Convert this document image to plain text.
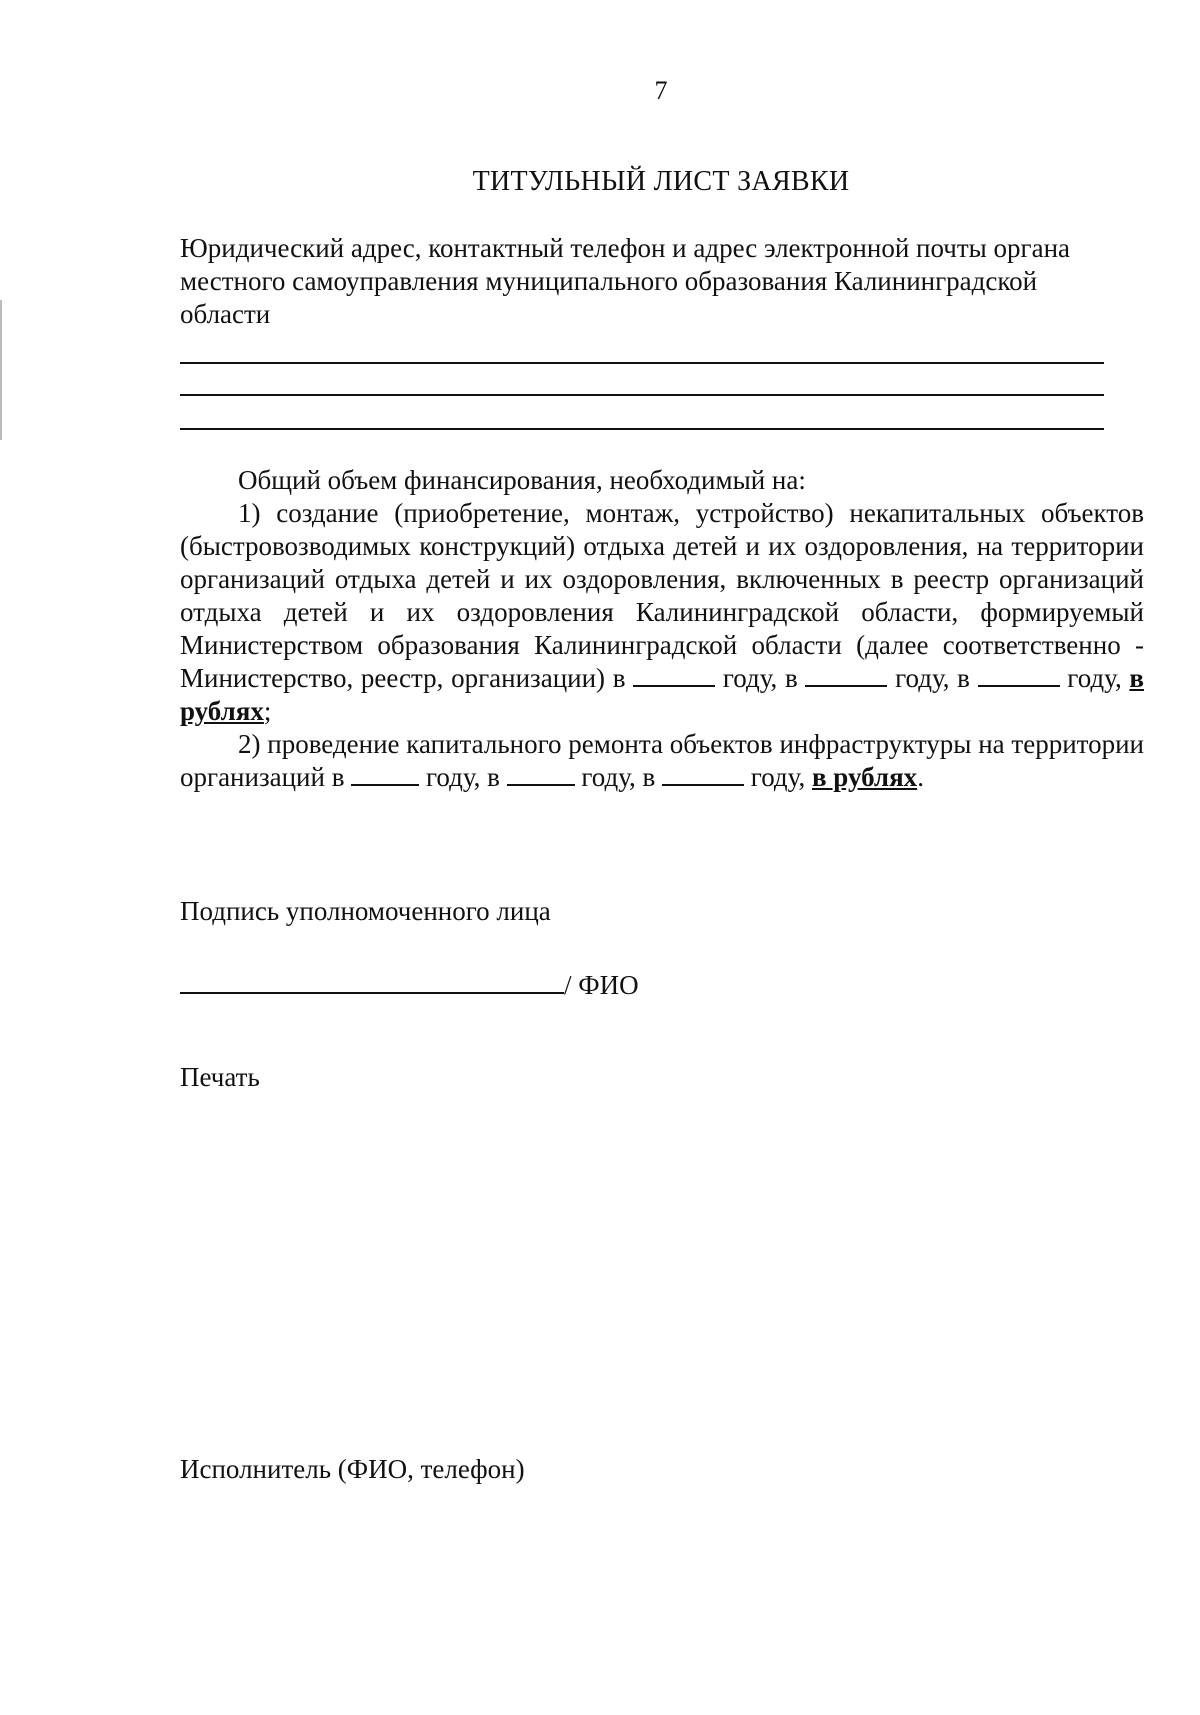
7
ТИТУЛЬНЫЙ ЛИСТ ЗАЯВКИ
Юридический адрес, контактный телефон и адрес электронной почты органа местного самоуправления муниципального образования Калининградской области

Общий объем финансирования, необходимый на:

1) создание (приобретение, монтаж, устройство) некапитальных объектов (быстровозводимых конструкций) отдыха детей и их оздоровления, на территории организаций отдыха детей и их оздоровления, включенных в реестр организаций отдыха детей и их оздоровления Калининградской области, формируемый Министерством образования Калининградской области (далее соответственно - Министерство, реестр, организации) в	году, в	году, в	году, в рублях;

2) проведение капитального ремонта объектов инфраструктуры на территории организаций в	году, в	году, в	году, в рублях.

Подпись уполномоченного лица
/ ФИО
Печать
Исполнитель (ФИО, телефон)
